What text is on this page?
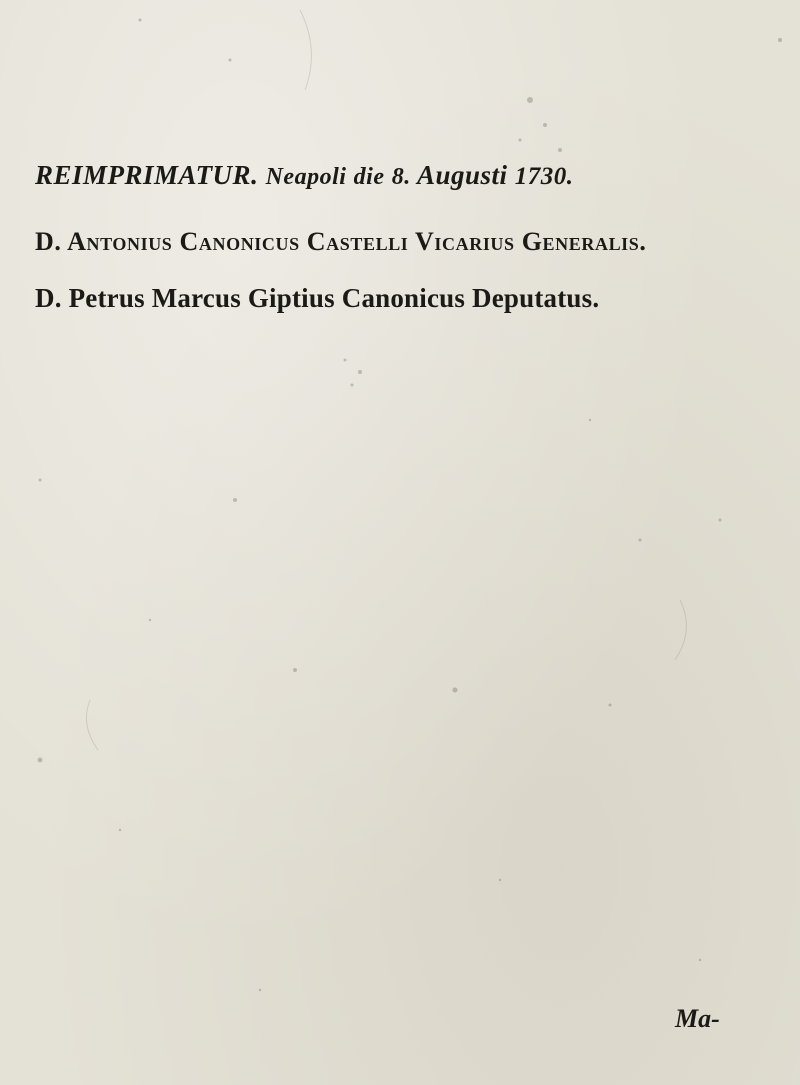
REIMPRIMATUR. Neapoli die 8. Augusti 1730.
D. Antonius Canonicus Castelli Vicarius Generalis.
D. Petrus Marcus Giptius Canonicus Deputatus.
Ma-
